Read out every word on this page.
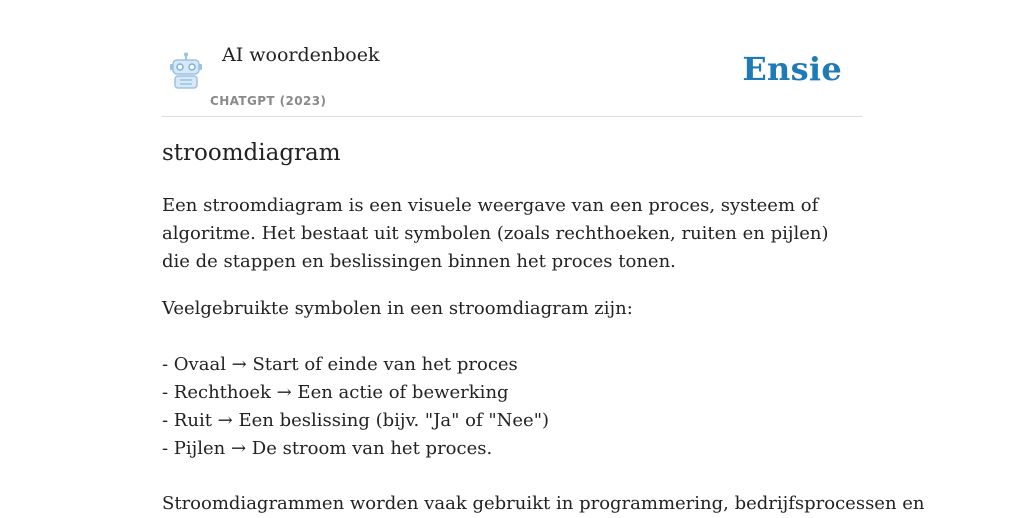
AI woordenboek
CHATGPT (2023)
Ensie
stroomdiagram
Een stroomdiagram is een visuele weergave van een proces, systeem of algoritme. Het bestaat uit symbolen (zoals rechthoeken, ruiten en pijlen) die de stappen en beslissingen binnen het proces tonen.
Veelgebruikte symbolen in een stroomdiagram zijn:
- Ovaal → Start of einde van het proces
- Rechthoek → Een actie of bewerking
- Ruit → Een beslissing (bijv. "Ja" of "Nee")
- Pijlen → De stroom van het proces.
Stroomdiagrammen worden vaak gebruikt in programmering, bedrijfsprocessen en
